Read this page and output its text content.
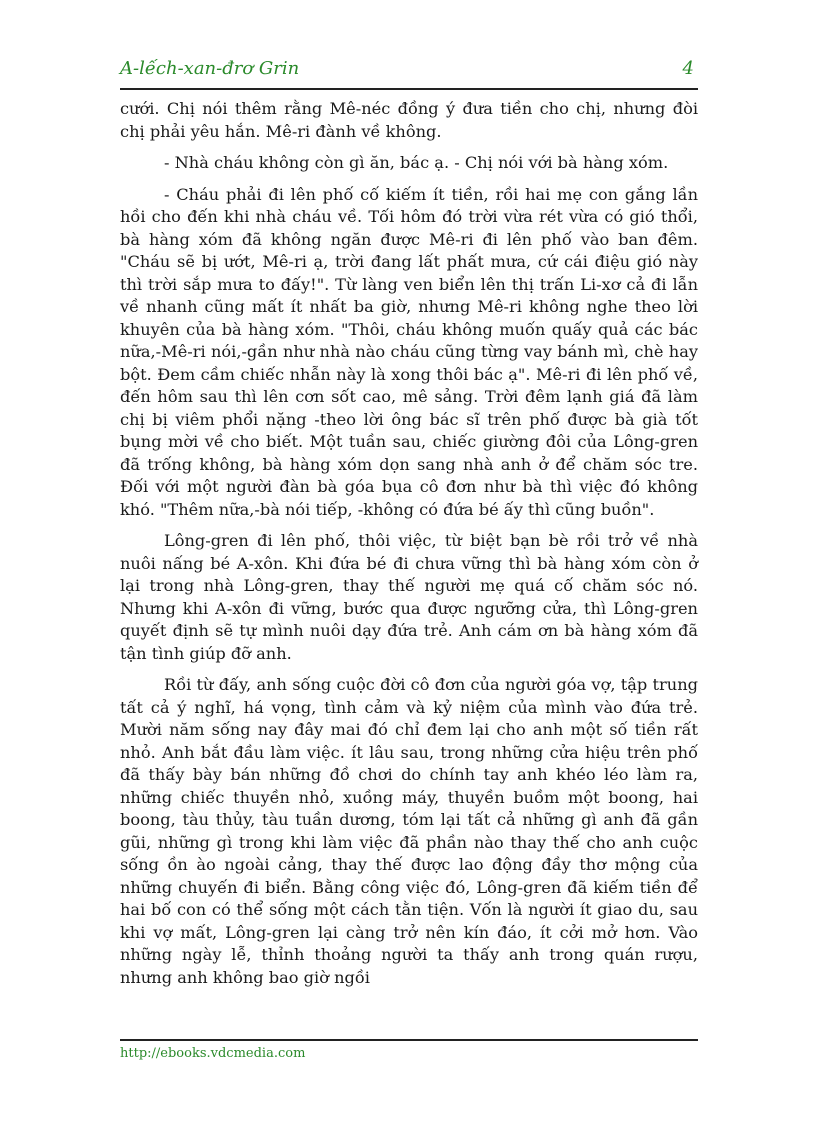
A-lếch-xan-đrơ Grin	4

cưới. Chị nói thêm rằng Mê-néc đồng ý đưa tiền cho chị, nhưng đòi chị phải yêu hắn. Mê-ri đành về không.

- Nhà cháu không còn gì ăn, bác ạ. - Chị nói với bà hàng xóm.

- Cháu phải đi lên phố cố kiếm ít tiền, rồi hai mẹ con gắng lần hồi cho đến khi nhà cháu về. Tối hôm đó trời vừa rét vừa có gió thổi, bà hàng xóm đã không ngăn được Mê-ri đi lên phố vào ban đêm. "Cháu sẽ bị ướt, Mê-ri ạ, trời đang lất phất mưa, cứ cái điệu gió này thì trời sắp mưa to đấy!". Từ làng ven biển lên thị trấn Li-xơ cả đi lẫn về nhanh cũng mất ít nhất ba giờ, nhưng Mê-ri không nghe theo lời khuyên của bà hàng xóm. "Thôi, cháu không muốn quấy quả các bác nữa,-Mê-ri nói,-gần như nhà nào cháu cũng từng vay bánh mì, chè hay bột. Đem cầm chiếc nhẫn này là xong thôi bác ạ". Mê-ri đi lên phố về, đến hôm sau thì lên cơn sốt cao, mê sảng. Trời đêm lạnh giá đã làm chị bị viêm phổi nặng -theo lời ông bác sĩ trên phố được bà già tốt bụng mời về cho biết. Một tuần sau, chiếc giường đôi của Lông-gren đã trống không, bà hàng xóm dọn sang nhà anh ở để chăm sóc tre. Đối với một người đàn bà góa bụa cô đơn như bà thì việc đó không khó. "Thêm nữa,-bà nói tiếp, -không có đứa bé ấy thì cũng buồn".

Lông-gren đi lên phố, thôi việc, từ biệt bạn bè rồi trở về nhà nuôi nấng bé A-xôn. Khi đứa bé đi chưa vững thì bà hàng xóm còn ở lại trong nhà Lông-gren, thay thế người mẹ quá cố chăm sóc nó. Nhưng khi A-xôn đi vững, bước qua được ngưỡng cửa, thì Lông-gren quyết định sẽ tự mình nuôi dạy đứa trẻ. Anh cám ơn bà hàng xóm đã tận tình giúp đỡ anh.

Rồi từ đấy, anh sống cuộc đời cô đơn của người góa vợ, tập trung tất cả ý nghĩ, há vọng, tình cảm và kỷ niệm của mình vào đứa trẻ. Mười năm sống nay đây mai đó chỉ đem lại cho anh một số tiền rất nhỏ. Anh bắt đầu làm việc. ít lâu sau, trong những cửa hiệu trên phố đã thấy bày bán những đồ chơi do chính tay anh khéo léo làm ra, những chiếc thuyền nhỏ, xuồng máy, thuyền buồm một boong, hai boong, tàu thủy, tàu tuần dương, tóm lại tất cả những gì anh đã gần gũi, những gì trong khi làm việc đã phần nào thay thế cho anh cuộc sống ồn ào ngoài cảng, thay thế được lao động đầy thơ mộng của những chuyến đi biển. Bằng công việc đó, Lông-gren đã kiếm tiền để hai bố con có thể sống một cách tằn tiện. Vốn là người ít giao du, sau khi vợ mất, Lông-gren lại càng trở nên kín đáo, ít cởi mở hơn. Vào những ngày lễ, thỉnh thoảng người ta thấy anh trong quán rượu, nhưng anh không bao giờ ngồi

http://ebooks.vdcmedia.com
